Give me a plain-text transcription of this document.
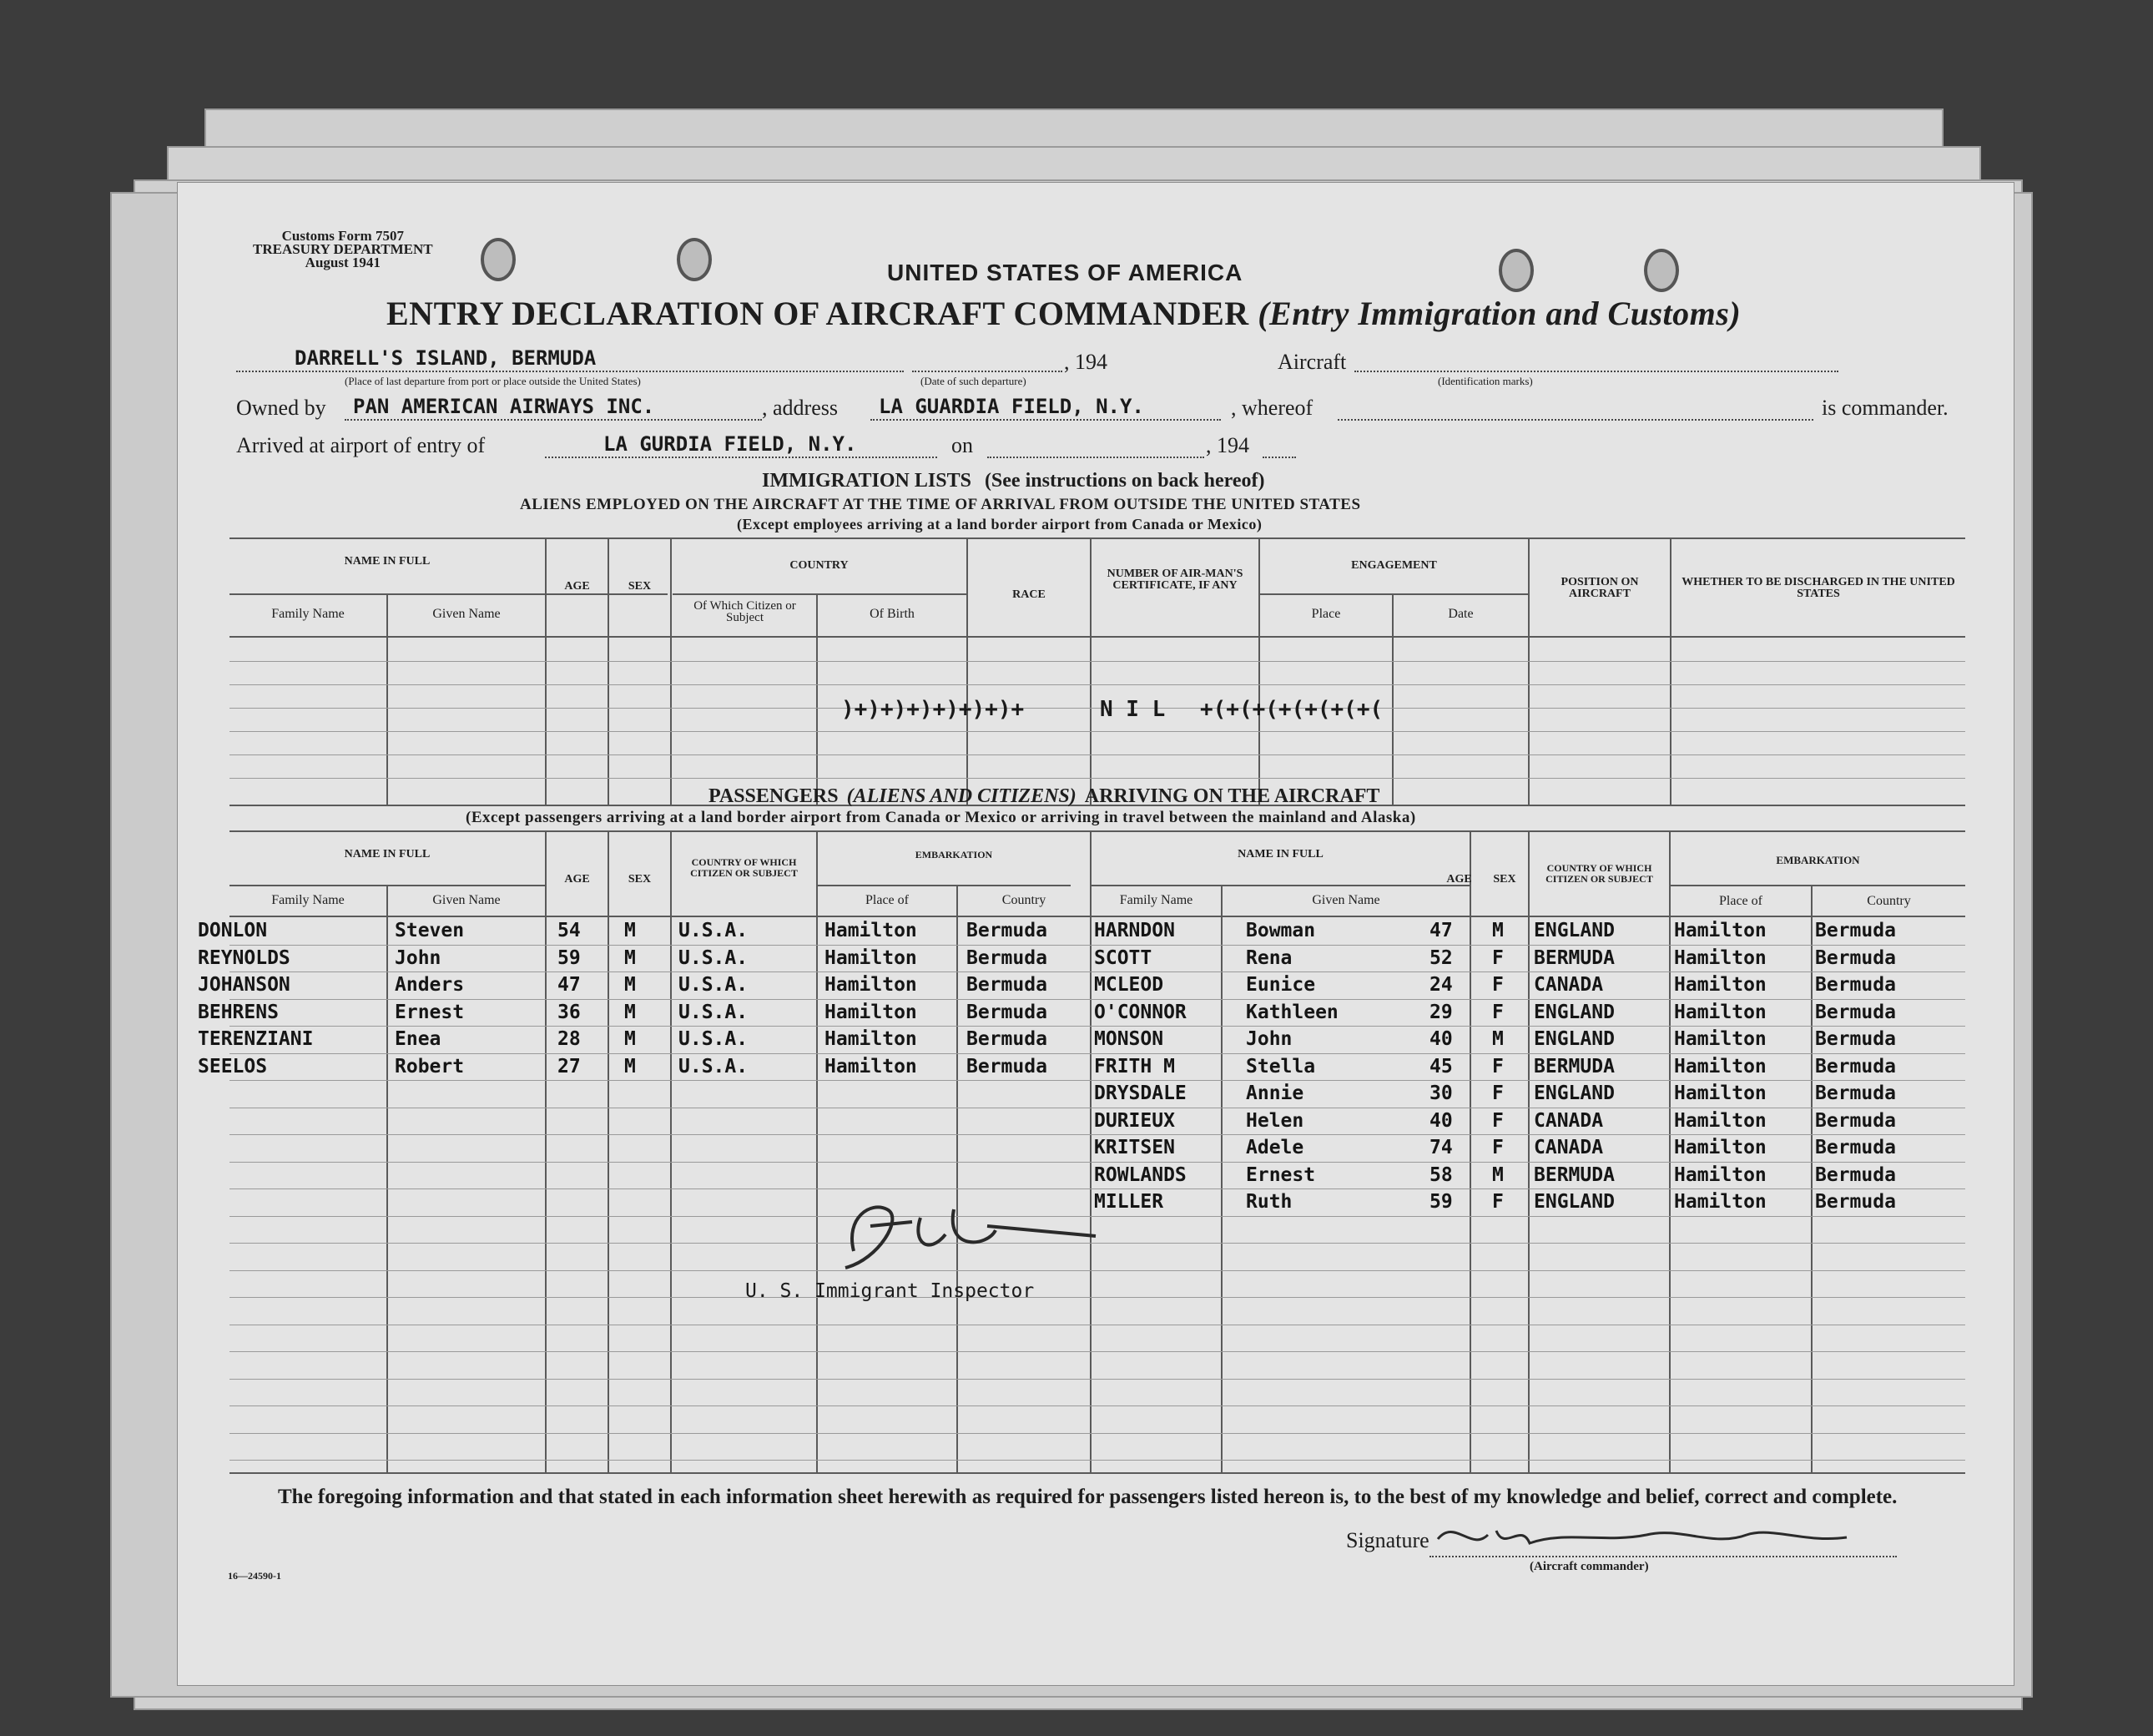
Customs Form 7507
TREASURY DEPARTMENT
August 1941	UNITED STATES OF AMERICA
ENTRY DECLARATION OF AIRCRAFT COMMANDER (Entry Immigration and Customs)
DARRELL'S ISLAND, BERMUDA
(Place of last departure from port or place outside the United States)	(Date of such departure)
, 194	Aircraft
(Identification marks)
Owned by PAN AMERICAN AIRWAYS INC.	, address LA GUARDIA FIELD, N.Y.	, whereof	is commander.
Arrived at airport of entry of	LA GURDIA FIELD, N.Y.	on	, 194
IMMIGRATION LISTS (See instructions on back hereof)
ALIENS EMPLOYED ON THE AIRCRAFT AT THE TIME OF ARRIVAL FROM OUTSIDE THE UNITED STATES
(Except employees arriving at a land border airport from Canada or Mexico)
NAME IN FULL
Family Name	Given Name
AGE	SEX
COUNTRY
Of Which Citizen or Subject	Of Birth
RACE
NUMBER OF AIR-MAN'S CERTIFICATE, IF ANY
ENGAGEMENT
Place	Date
POSITION ON AIRCRAFT
WHETHER TO BE DISCHARGED IN THE UNITED STATES
)+)+)+)+)+)+)+	N I L +(+(+(+(+(+(+(
PASSENGERS (ALIENS AND CITIZENS) ARRIVING ON THE AIRCRAFT
(Except passengers arriving at a land border airport from Canada or Mexico or arriving in travel between the mainland and Alaska)
NAME IN FULL
Family Name	Given Name
AGE	SEX
COUNTRY OF WHICH CITIZEN OR SUBJECT
EMBARKATION
Place of	Country
NAME IN FULL
Family Name	Given Name
AGE	SEX
COUNTRY OF WHICH CITIZEN OR SUBJECT
EMBARKATION
Place of	Country
DONLON	Steven	54 M U.S.A.	Hamilton	Bermuda
REYNOLDS	John	59 M U.S.A.	Hamilton	Bermuda
JOHANSON	Anders	47 M U.S.A.	Hamilton	Bermuda
BEHRENS	Ernest	36 M U.S.A.	Hamilton	Bermuda
TERENZIANI	Enea	28 M U.S.A.	Hamilton	Bermuda
SEELOS	Robert	27 M U.S.A.	Hamilton	Bermuda
HARNDON	Bowman	47 M ENGLAND	Hamilton	Bermuda
SCOTT	Rena	52 F BERMUDA	Hamilton	Bermuda
MCLEOD	Eunice	24 F CANADA	Hamilton	Bermuda
O'CONNOR	Kathleen	29 F ENGLAND	Hamilton	Bermuda
MONSON	John	40 M ENGLAND	Hamilton	Bermuda
FRITH M	Stella	45 F BERMUDA	Hamilton	Bermuda
DRYSDALE	Annie	30 F ENGLAND	Hamilton	Bermuda
DURIEUX	Helen	40 F CANADA	Hamilton	Bermuda
KRITSEN	Adele	74 F CANADA	Hamilton	Bermuda
ROWLANDS	Ernest	58 M BERMUDA	Hamilton	Bermuda
MILLER	Ruth	59 F ENGLAND	Hamilton	Bermuda
D D Ewell
U. S. Immigrant Inspector
The foregoing information and that stated in each information sheet herewith as required for passengers listed hereon is, to the best of my knowledge and belief, correct and complete.
16—24590-1
Signature
(Aircraft commander)
